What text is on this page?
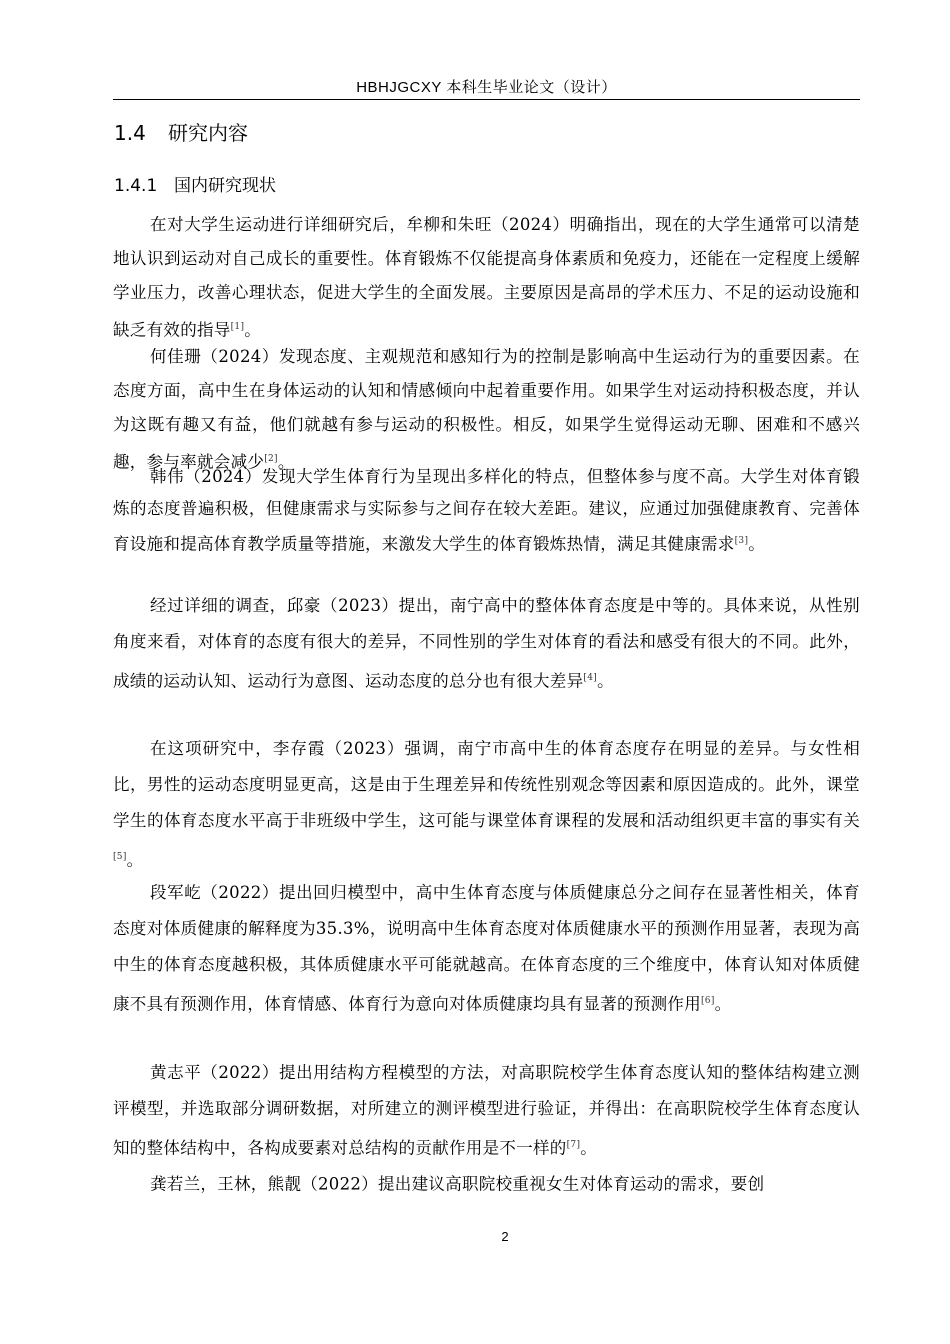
HBHJGCXY 本科生毕业论文（设计）
1.4 研究内容
1.4.1 国内研究现状
在对大学生运动进行详细研究后，牟柳和朱旺（2024）明确指出，现在的大学生通常可以清楚地认识到运动对自己成长的重要性。体育锻炼不仅能提高身体素质和免疫力，还能在一定程度上缓解学业压力，改善心理状态，促进大学生的全面发展。主要原因是高昂的学术压力、不足的运动设施和缺乏有效的指导[1]。
何佳珊（2024）发现态度、主观规范和感知行为的控制是影响高中生运动行为的重要因素。在态度方面，高中生在身体运动的认知和情感倾向中起着重要作用。如果学生对运动持积极态度，并认为这既有趣又有益，他们就越有参与运动的积极性。相反，如果学生觉得运动无聊、困难和不感兴趣，参与率就会减少[2]。
韩伟（2024）发现大学生体育行为呈现出多样化的特点，但整体参与度不高。大学生对体育锻炼的态度普遍积极，但健康需求与实际参与之间存在较大差距。建议，应通过加强健康教育、完善体育设施和提高体育教学质量等措施，来激发大学生的体育锻炼热情，满足其健康需求[3]。
经过详细的调查，邱豪（2023）提出，南宁高中的整体体育态度是中等的。具体来说，从性别角度来看，对体育的态度有很大的差异，不同性别的学生对体育的看法和感受有很大的不同。此外，成绩的运动认知、运动行为意图、运动态度的总分也有很大差异[4]。
在这项研究中，李存霞（2023）强调，南宁市高中生的体育态度存在明显的差异。与女性相比，男性的运动态度明显更高，这是由于生理差异和传统性别观念等因素和原因造成的。此外，课堂学生的体育态度水平高于非班级中学生，这可能与课堂体育课程的发展和活动组织更丰富的事实有关[5]。
段军屹（2022）提出回归模型中，高中生体育态度与体质健康总分之间存在显著性相关，体育态度对体质健康的解释度为35.3%，说明高中生体育态度对体质健康水平的预测作用显著，表现为高中生的体育态度越积极，其体质健康水平可能就越高。在体育态度的三个维度中，体育认知对体质健康不具有预测作用，体育情感、体育行为意向对体质健康均具有显著的预测作用[6]。
黄志平（2022）提出用结构方程模型的方法，对高职院校学生体育态度认知的整体结构建立测评模型，并选取部分调研数据，对所建立的测评模型进行验证，并得出：在高职院校学生体育态度认知的整体结构中，各构成要素对总结构的贡献作用是不一样的[7]。
龚若兰，王林，熊靓（2022）提出建议高职院校重视女生对体育运动的需求，要创
2
